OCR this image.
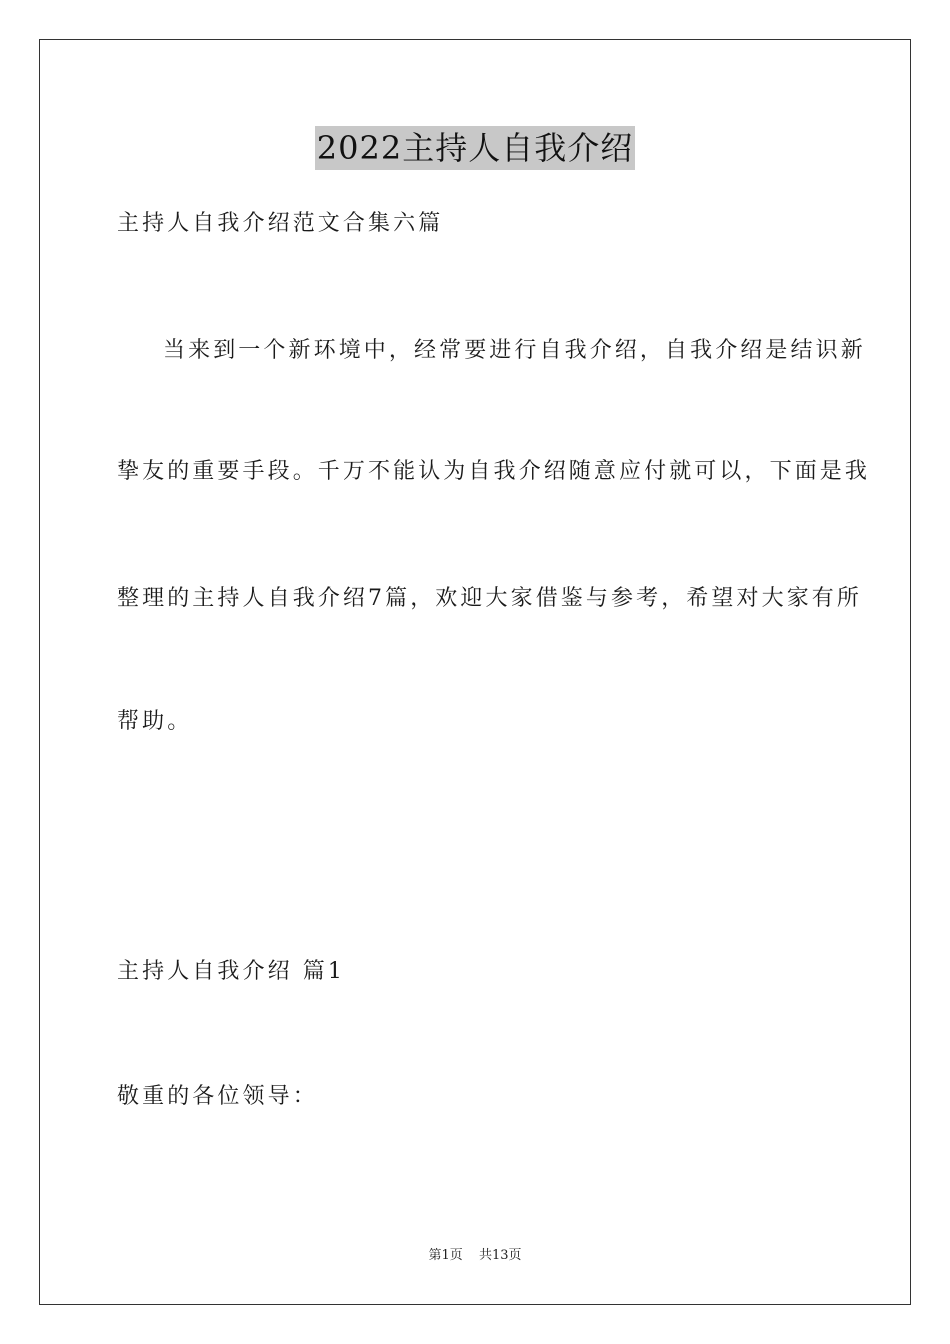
2022主持人自我介绍
主持人自我介绍范文合集六篇
当来到一个新环境中，经常要进行自我介绍，自我介绍是结识新
挚友的重要手段。千万不能认为自我介绍随意应付就可以，下面是我
整理的主持人自我介绍7篇，欢迎大家借鉴与参考，希望对大家有所
帮助。
主持人自我介绍 篇1
敬重的各位领导：
第1页 共13页
